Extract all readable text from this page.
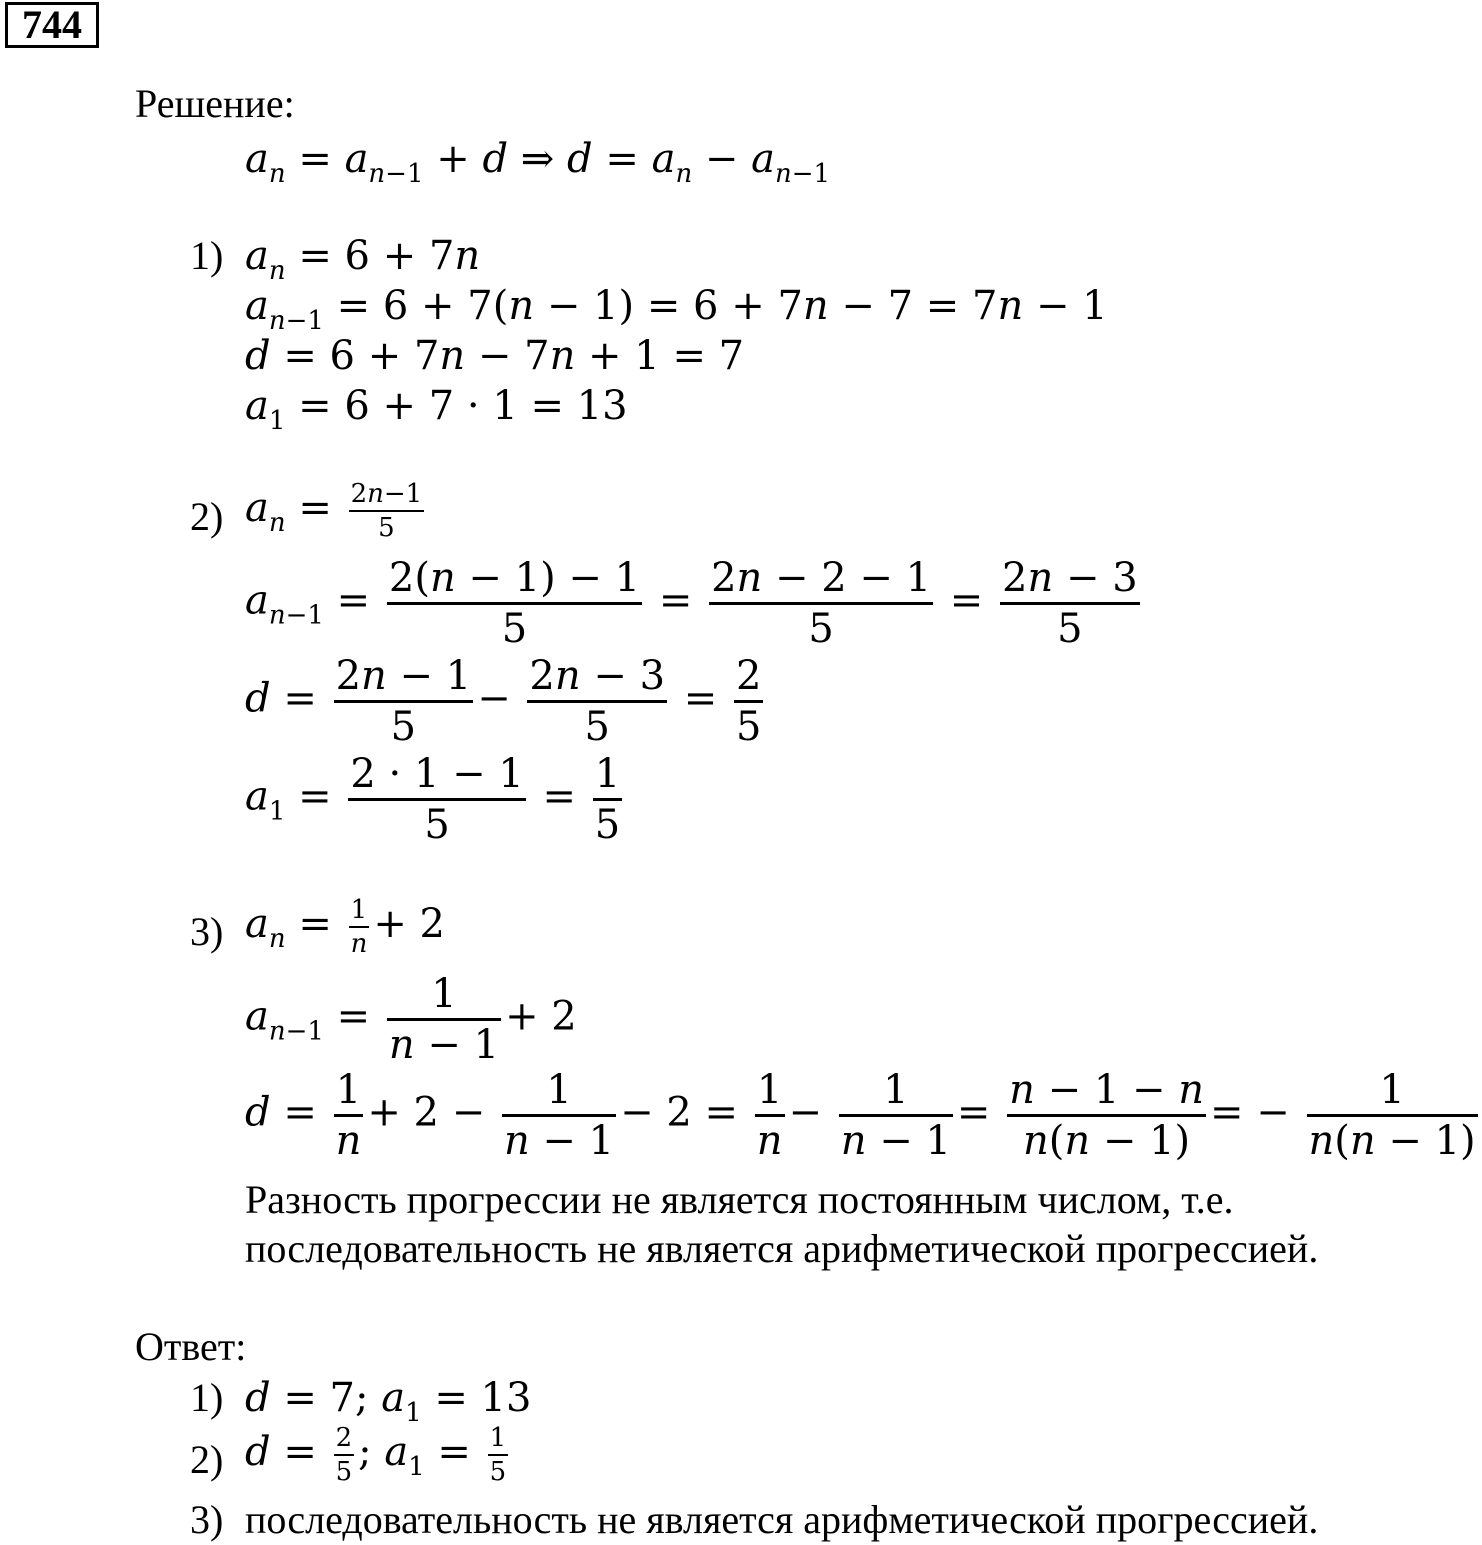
744
Решение:
$a_n = a_{n-1} + d$ ⇒ $d = a_n - a_{n-1}$
1) $a_n = 6 + 7n$
$a_{n-1} = 6 + 7(n - 1) = 6 + 7n - 7 = 7n - 1$
d = 6 + 7n − 7n + 1 = 7
$a_1 = 6 + 7 \cdot 1 = 13$
2) $a_n = \frac{2n-1}{5}$
$a_{n-1} = \frac{2(n - 1) - 1}{5} = \frac{2n - 2 - 1}{5} = \frac{2n - 3}{5}$
$d = \frac{2n - 1}{5} - \frac{2n - 3}{5} = \frac{2}{5}$
$a_1 = \frac{2 \cdot 1 - 1}{5} = \frac{1}{5}$
3) $a_n = \frac{1}{n} + 2$
$a_{n-1} = \frac{1}{n - 1} + 2$
$d = \frac{1}{n} + 2 - \frac{1}{n - 1} - 2 = \frac{1}{n} - \frac{1}{n - 1} = \frac{n - 1 - n}{n(n - 1)}$ = − $\frac{1}{n(n - 1)}$
Разность прогрессии не является постоянным числом, т.е.
последовательность не является арифметической прогрессией.
Ответ:
1) d = 7; $a_1 = 13$
2) $d = \frac{2}{5}$ ; $a_1 = \frac{1}{5}$
3) последовательность не является арифметической прогрессией.
